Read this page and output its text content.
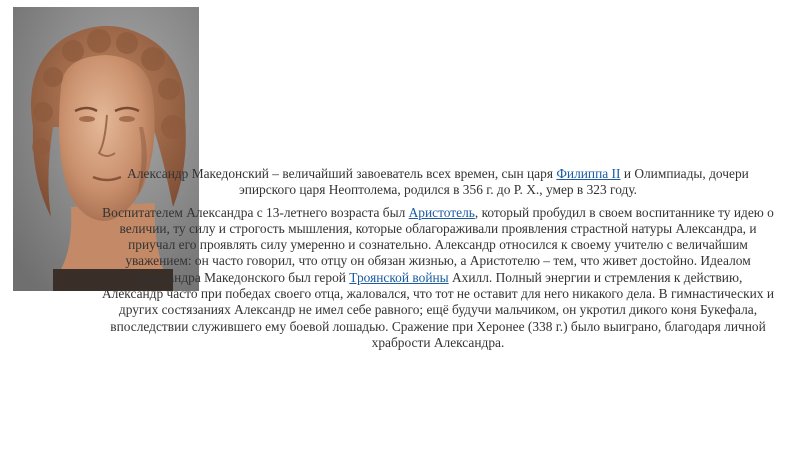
Александр Македонский – величайший завоеватель всех времен, сын царя Филиппа II и Олимпиады, дочери эпирского царя Неоптолема, родился в 356 г. до Р. Х., умер в 323 году.

Воспитателем Александра с 13-летнего возраста был Аристотель, который пробудил в своем воспитаннике ту идею о величии, ту силу и строгость мышления, которые облагораживали проявления страстной натуры Александра, и приучал его проявлять силу умеренно и сознательно. Александр относился к своему учителю с величайшим уважением: он часто говорил, что отцу он обязан жизнью, а Аристотелю – тем, что живет достойно. Идеалом Александра Македонского был герой Троянской войны Ахилл. Полный энергии и стремления к действию, Александр часто при победах своего отца, жаловался, что тот не оставит для него никакого дела. В гимнастических и других состязаниях Александр не имел себе равного; ещё будучи мальчиком, он укротил дикого коня Букефала, впоследствии служившего ему боевой лошадью. Сражение при Херонее (338 г.) было выиграно, благодаря личной храбрости Александра.
